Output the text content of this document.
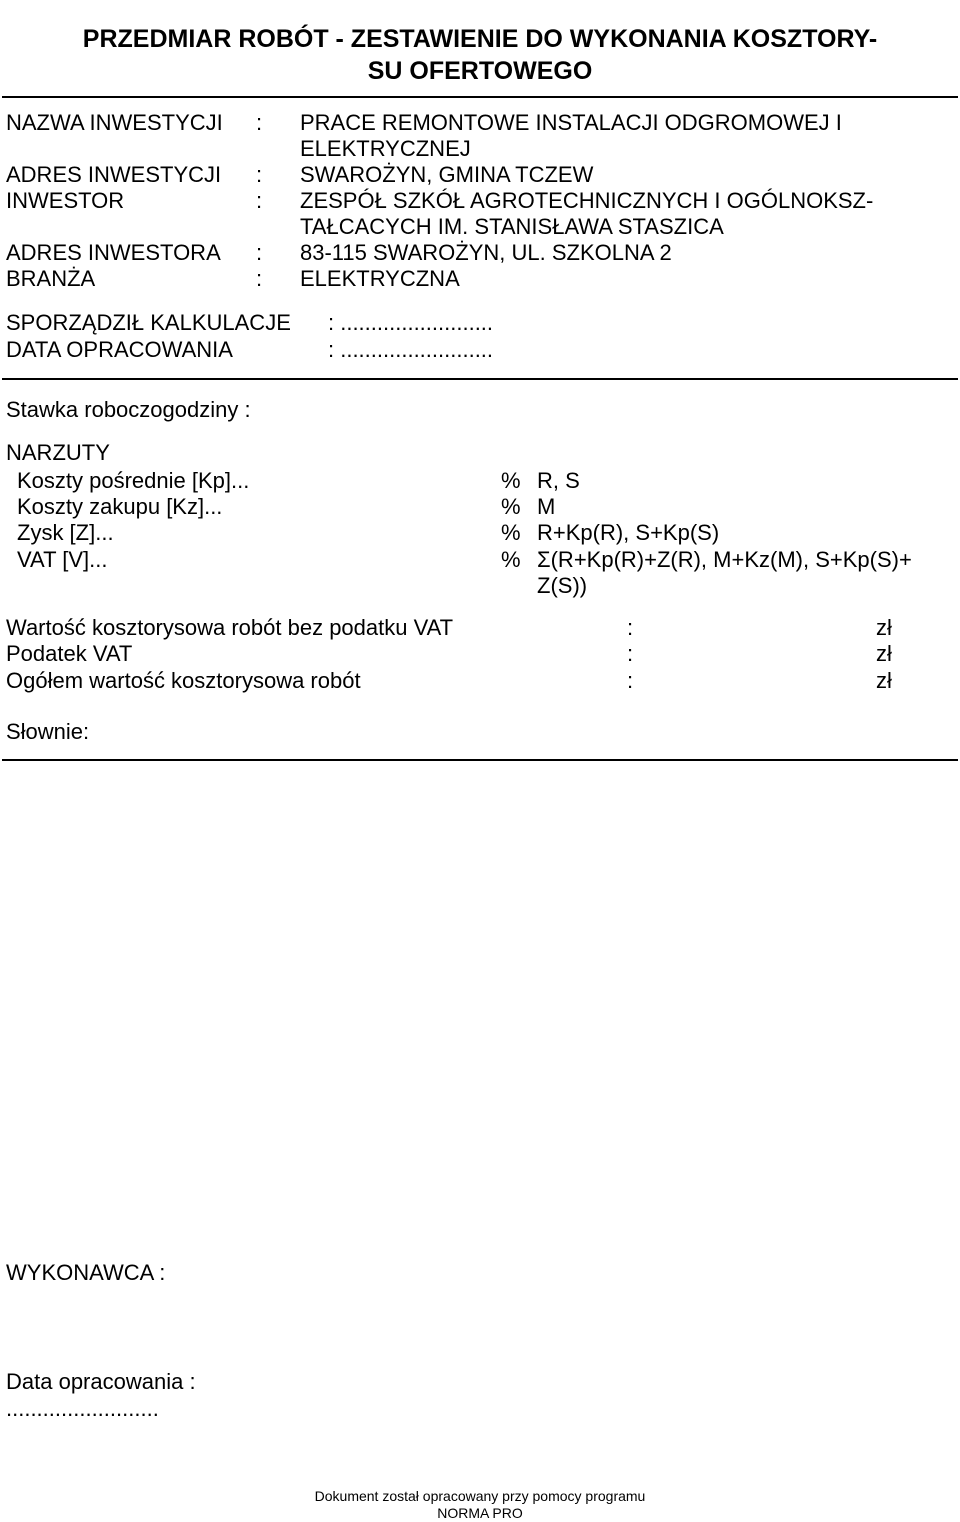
PRZEDMIAR ROBÓT - ZESTAWIENIE DO WYKONANIA KOSZTORY-
SU OFERTOWEGO
NAZWA INWESTYCJI : PRACE REMONTOWE INSTALACJI ODGROMOWEJ I
ELEKTRYCZNEJ
ADRES INWESTYCJI : SWAROŻYN, GMINA TCZEW
INWESTOR	: ZESPÓŁ SZKÓŁ AGROTECHNICZNYCH I OGÓLNOKSZ-
TAŁCACYCH IM. STANISŁAWA STASZICA
ADRES INWESTORA : 83-115 SWAROŻYN, UL. SZKOLNA 2
BRANŻA	: ELEKTRYCZNA
SPORZĄDZIŁ KALKULACJE : .........................
DATA OPRACOWANIA	: .........................
Stawka roboczogodziny :
NARZUTY
Koszty pośrednie [Kp]...	% R, S
Koszty zakupu [Kz]...	% M
Zysk [Z]...	% R+Kp(R), S+Kp(S)
VAT [V]...	% Σ(R+Kp(R)+Z(R), M+Kz(M), S+Kp(S)+
Z(S))
Wartość kosztorysowa robót bez podatku VAT	:	zł
Podatek VAT	:	zł
Ogółem wartość kosztorysowa robót	:	zł
Słownie:
WYKONAWCA :
Data opracowania :
.........................
Dokument został opracowany przy pomocy programu
NORMA PRO
